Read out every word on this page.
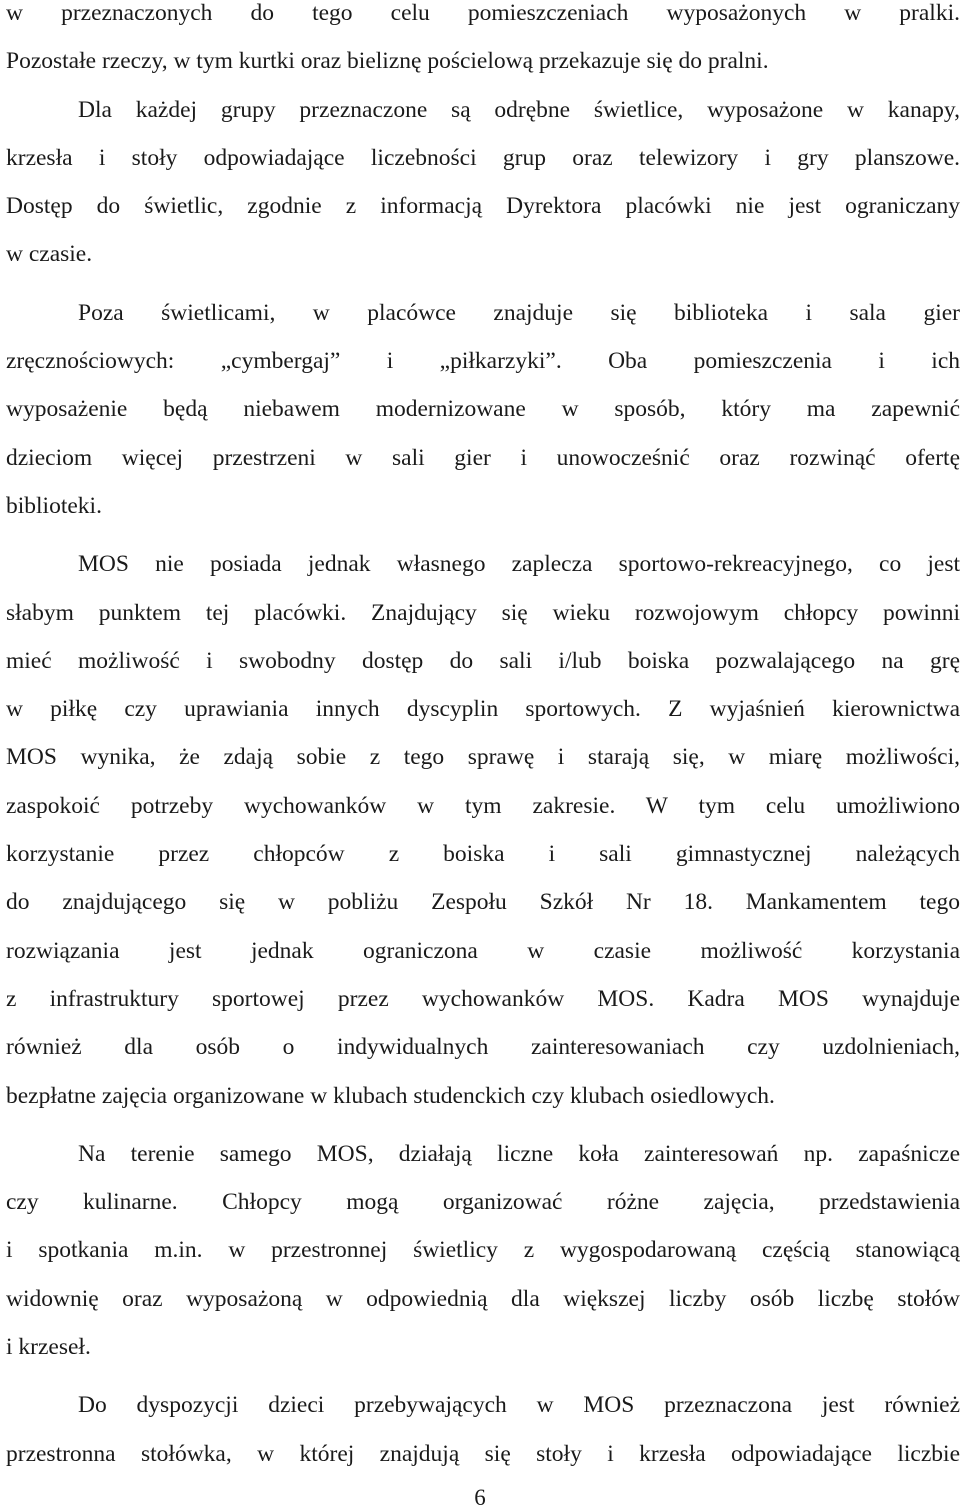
w przeznaczonych do tego celu pomieszczeniach wyposażonych w pralki.
Pozostałe rzeczy, w tym kurtki oraz bieliznę pościelową przekazuje się do pralni.
Dla każdej grupy przeznaczone są odrębne świetlice, wyposażone w kanapy,
krzesła i stoły odpowiadające liczebności grup oraz telewizory i gry planszowe.
Dostęp do świetlic, zgodnie z informacją Dyrektora placówki nie jest ograniczany
w czasie.
Poza świetlicami, w placówce znajduje się biblioteka i sala gier
zręcznościowych: „cymbergaj” i „piłkarzyki”. Oba pomieszczenia i ich
wyposażenie będą niebawem modernizowane w sposób, który ma zapewnić
dzieciom więcej przestrzeni w sali gier i unowocześnić oraz rozwinąć ofertę
biblioteki.
MOS nie posiada jednak własnego zaplecza sportowo-rekreacyjnego, co jest
słabym punktem tej placówki. Znajdujący się wieku rozwojowym chłopcy powinni
mieć możliwość i swobodny dostęp do sali i/lub boiska pozwalającego na grę
w piłkę czy uprawiania innych dyscyplin sportowych. Z wyjaśnień kierownictwa
MOS wynika, że zdają sobie z tego sprawę i starają się, w miarę możliwości,
zaspokoić potrzeby wychowanków w tym zakresie. W tym celu umożliwiono
korzystanie przez chłopców z boiska i sali gimnastycznej należących
do znajdującego się w pobliżu Zespołu Szkół Nr 18. Mankamentem tego
rozwiązania jest jednak ograniczona w czasie możliwość korzystania
z infrastruktury sportowej przez wychowanków MOS. Kadra MOS wynajduje
również dla osób o indywidualnych zainteresowaniach czy uzdolnieniach,
bezpłatne zajęcia organizowane w klubach studenckich czy klubach osiedlowych.
Na terenie samego MOS, działają liczne koła zainteresowań np. zapaśnicze
czy kulinarne. Chłopcy mogą organizować różne zajęcia, przedstawienia
i spotkania m.in. w przestronnej świetlicy z wygospodarowaną częścią stanowiącą
widownię oraz wyposażoną w odpowiednią dla większej liczby osób liczbę stołów
i krzeseł.
Do dyspozycji dzieci przebywających w MOS przeznaczona jest również
przestronna stołówka, w której znajdują się stoły i krzesła odpowiadające liczbie
6
